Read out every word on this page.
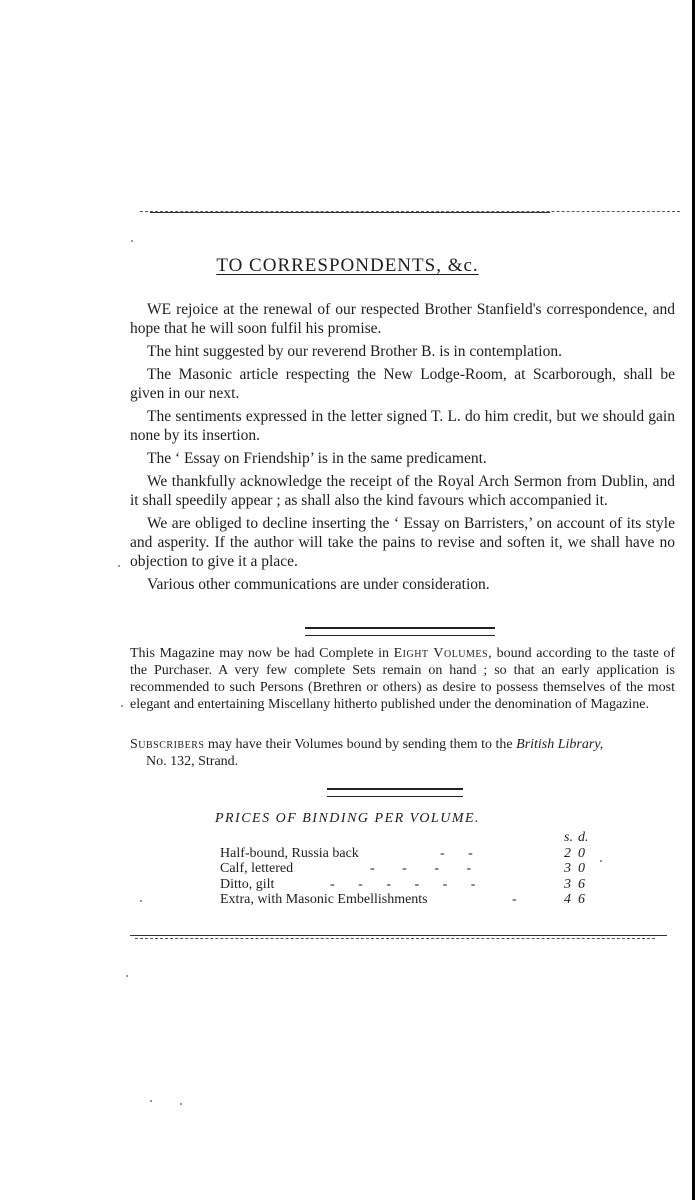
TO CORRESPONDENTS, &c.

WE rejoice at the renewal of our respected Brother Stanfield's correspondence, and hope that he will soon fulfil his promise.

The hint suggested by our reverend Brother B. is in contemplation.

The Masonic article respecting the New Lodge-Room, at Scarborough, shall be given in our next.

The sentiments expressed in the letter signed T. L. do him credit, but we should gain none by its insertion.

The ‘ Essay on Friendship’ is in the same predicament.

We thankfully acknowledge the receipt of the Royal Arch Sermon from Dublin, and it shall speedily appear ; as shall also the kind favours which accompanied it.

We are obliged to decline inserting the ‘ Essay on Barristers,’ on account of its style and asperity. If the author will take the pains to revise and soften it, we shall have no objection to give it a place.

Various other communications are under consideration.

This Magazine may now be had Complete in Eight Volumes, bound according to the taste of the Purchaser. A very few complete Sets remain on hand ; so that an early application is recommended to such Persons (Brethren or others) as desire to possess themselves of the most elegant and entertaining Miscellany hitherto published under the denomination of Magazine.
Subscribers may have their Volumes bound by sending them to the British Library,
No. 132, Strand.
PRICES OF BINDING PER VOLUME.
s. d.
Half-bound, Russia back	- -	2 0
Calf, lettered	- - - -	3 0
Ditto, gilt	- - - - - -	3 6
Extra, with Masonic Embellishments	-	4 6
